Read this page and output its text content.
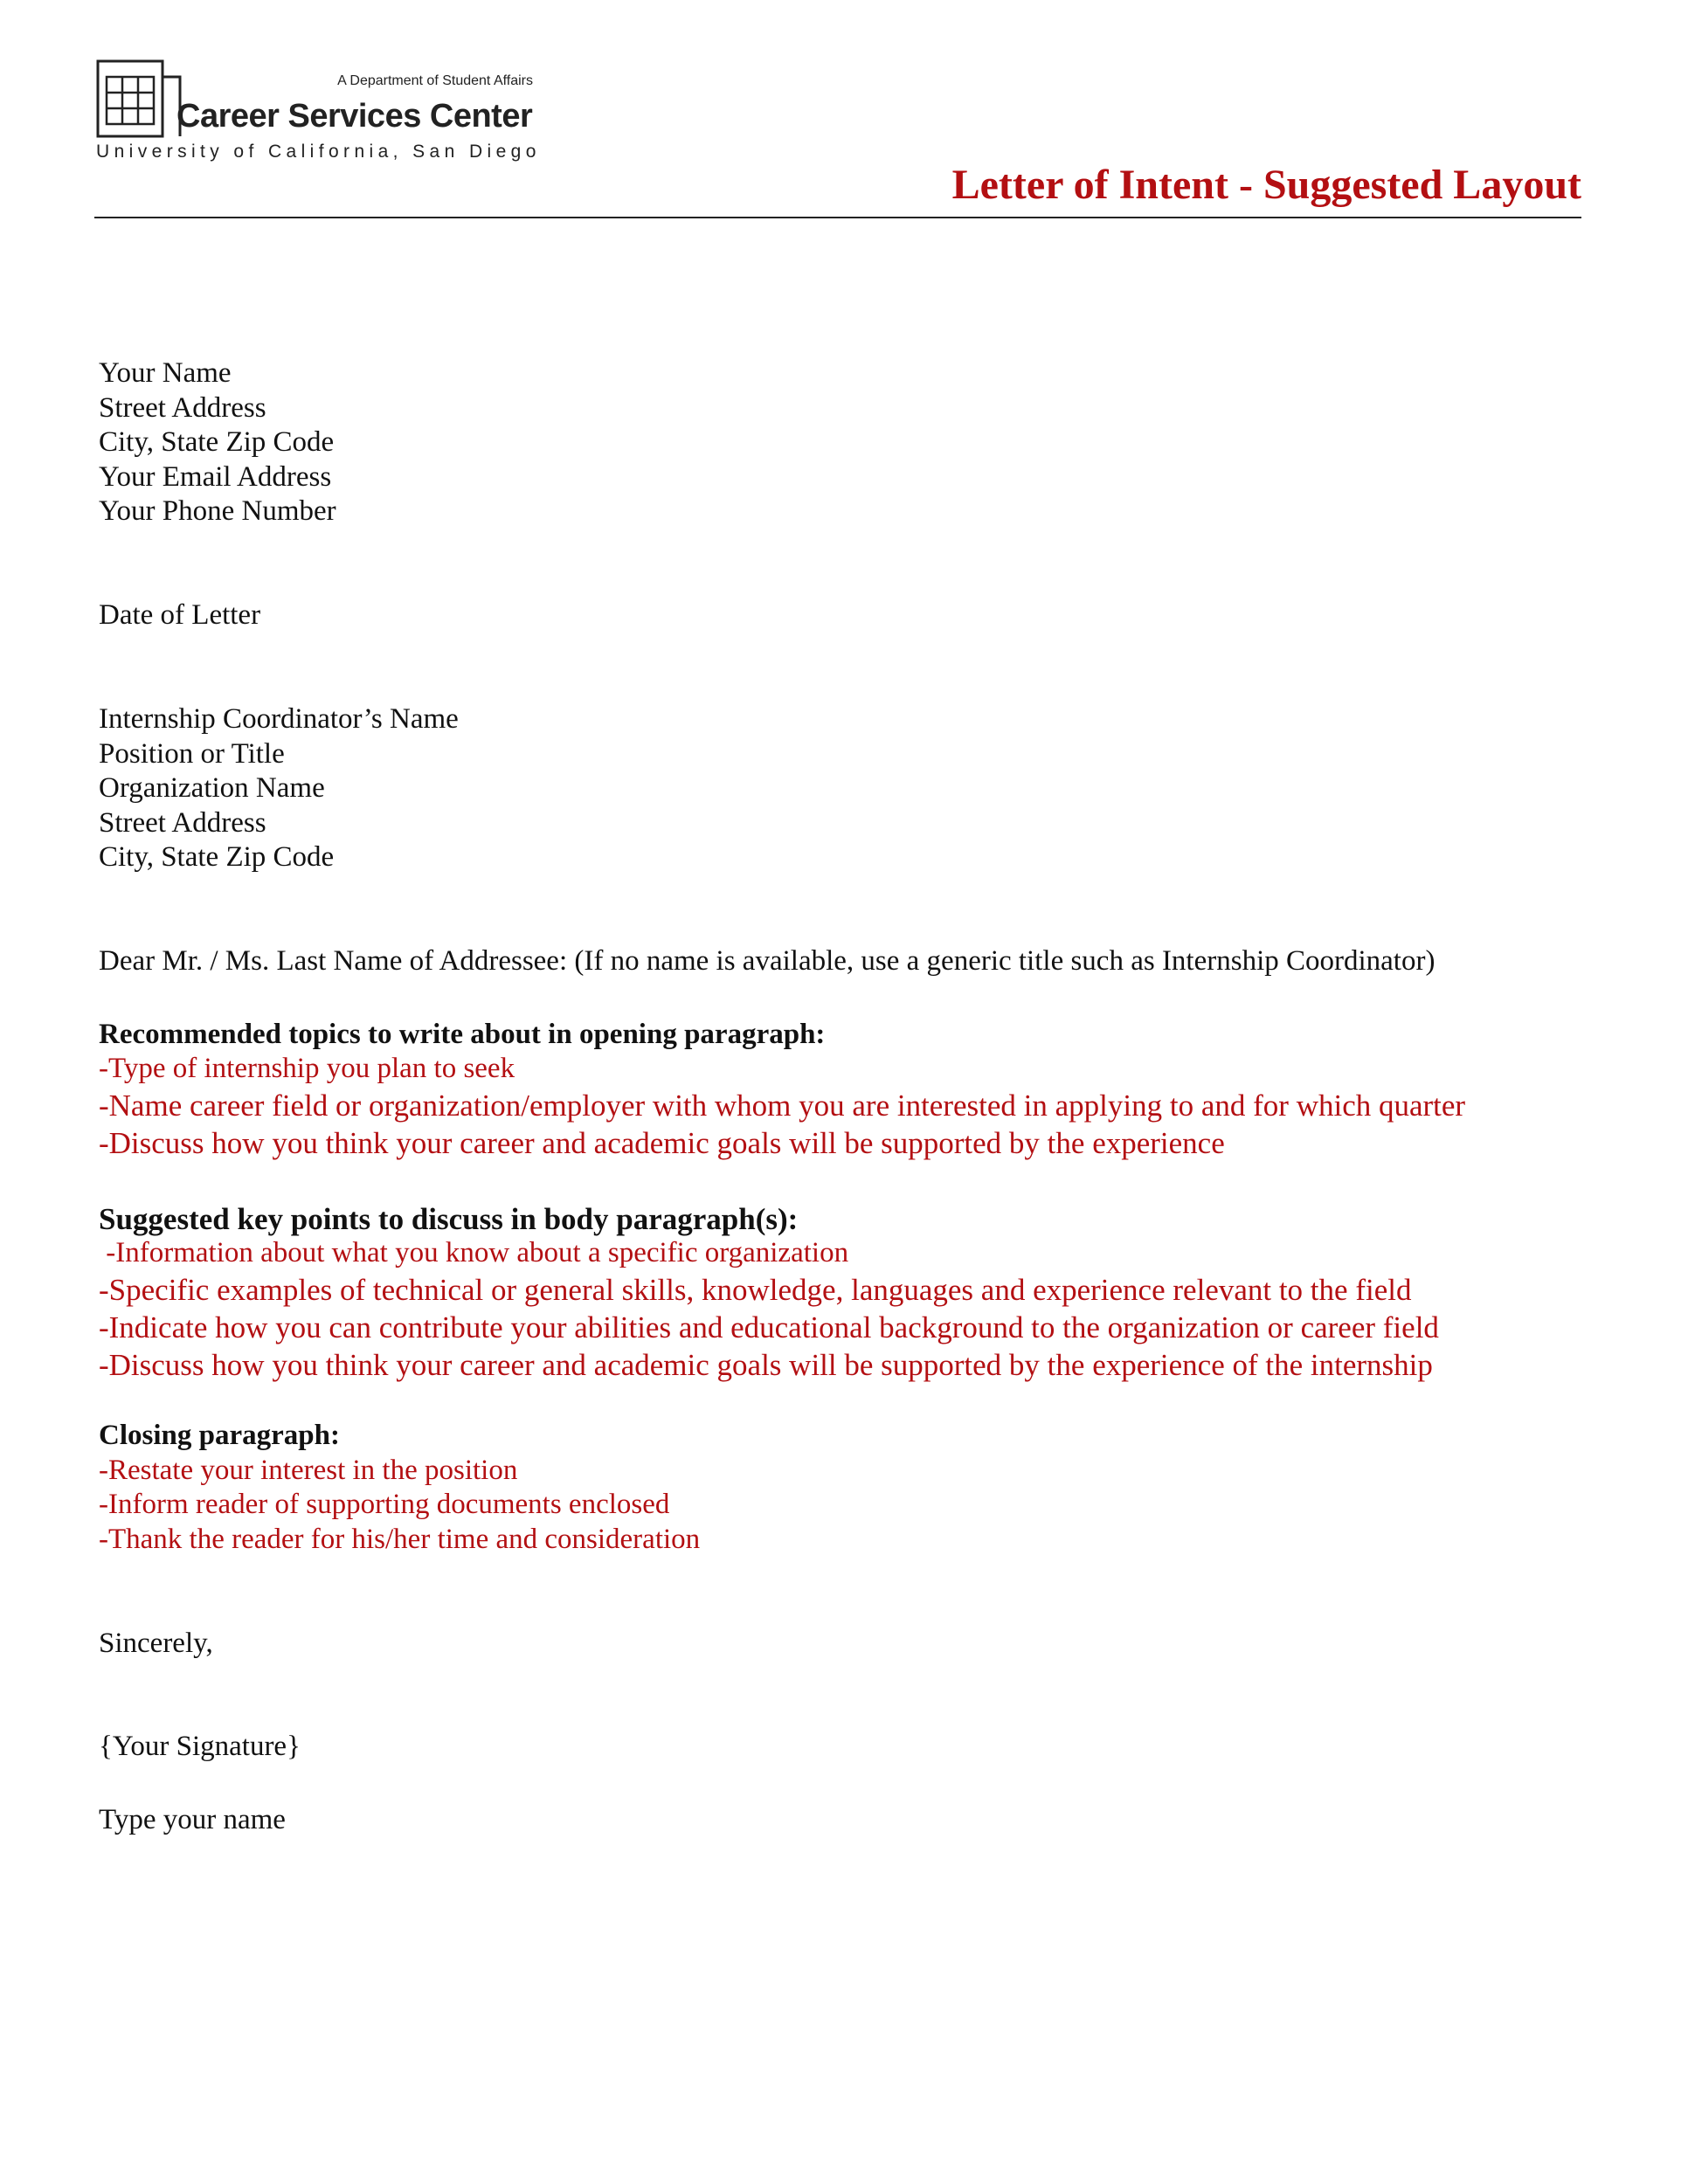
A Department of Student Affairs
Career Services Center
University of California, San Diego
Letter of Intent - Suggested Layout

Your Name

Street Address

City, State Zip Code

Your Email Address

Your Phone Number

Date of Letter

Internship Coordinator’s Name

Position or Title

Organization Name

Street Address

City, State Zip Code

Dear Mr. / Ms. Last Name of Addressee: (If no name is available, use a generic title such as Internship Coordinator)

Recommended topics to write about in opening paragraph:

-Type of internship you plan to seek

-Name career field or organization/employer with whom you are interested in applying to and for which quarter

-Discuss how you think your career and academic goals will be supported by the experience

Suggested key points to discuss in body paragraph(s):

-Information about what you know about a specific organization

-Specific examples of technical or general skills, knowledge, languages and experience relevant to the field

-Indicate how you can contribute your abilities and educational background to the organization or career field

-Discuss how you think your career and academic goals will be supported by the experience of the internship

Closing paragraph:

-Restate your interest in the position

-Inform reader of supporting documents enclosed

-Thank the reader for his/her time and consideration

Sincerely,

{Your Signature}

Type your name
